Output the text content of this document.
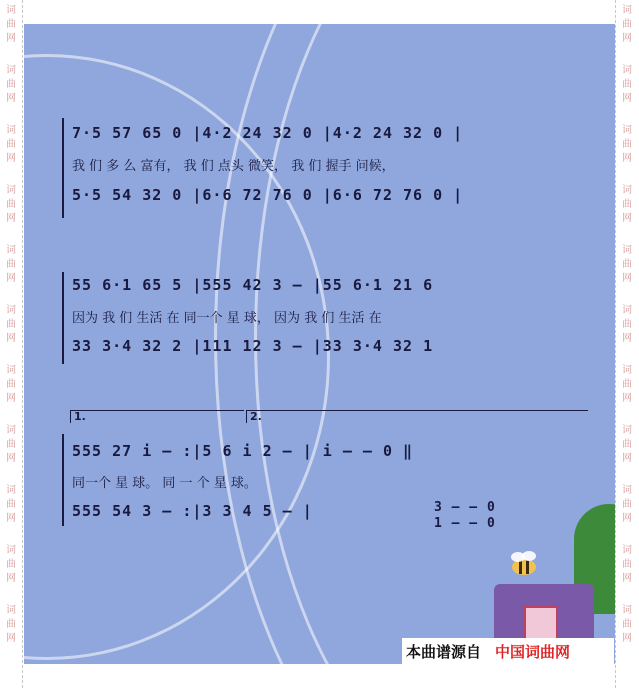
词
曲
网
词
曲
网
词
曲
网
词
曲
网
词
曲
网
词
曲
网
词
曲
网
词
曲
网
词
曲
网
词
曲
网
词
曲
网
词
曲
网
词
曲
网
词
曲
网
词
曲
网
词
曲
网
词
曲
网
词
曲
网
词
曲
网
词
曲
网
词
曲
网
词
曲
网
7·5 57 65 0 |4·2 24 32 0 |4·2 24 32 0 |
我 们 多 么 富有， 我 们 点头 微笑， 我 们 握手 问候，
5·5 54 32 0 |6·6 72 76 0 |6·6 72 76 0 |
55 6·1 65 5 |555 42 3 – |55 6·1 21 6
因为 我 们 生活 在 同一个 星 球， 因为 我 们 生活 在
33 3·4 32 2 |111 12 3 – |33 3·4 32 1
1.	2.
555 27 i – :|5 6 i 2 – | i – – 0 ‖
同一个 星 球。 同 一 个 星 球。
555 54 3 – :|3 3 4 5 – |	3 – – 0
1 – – 0
本曲谱源自 中国词曲网
